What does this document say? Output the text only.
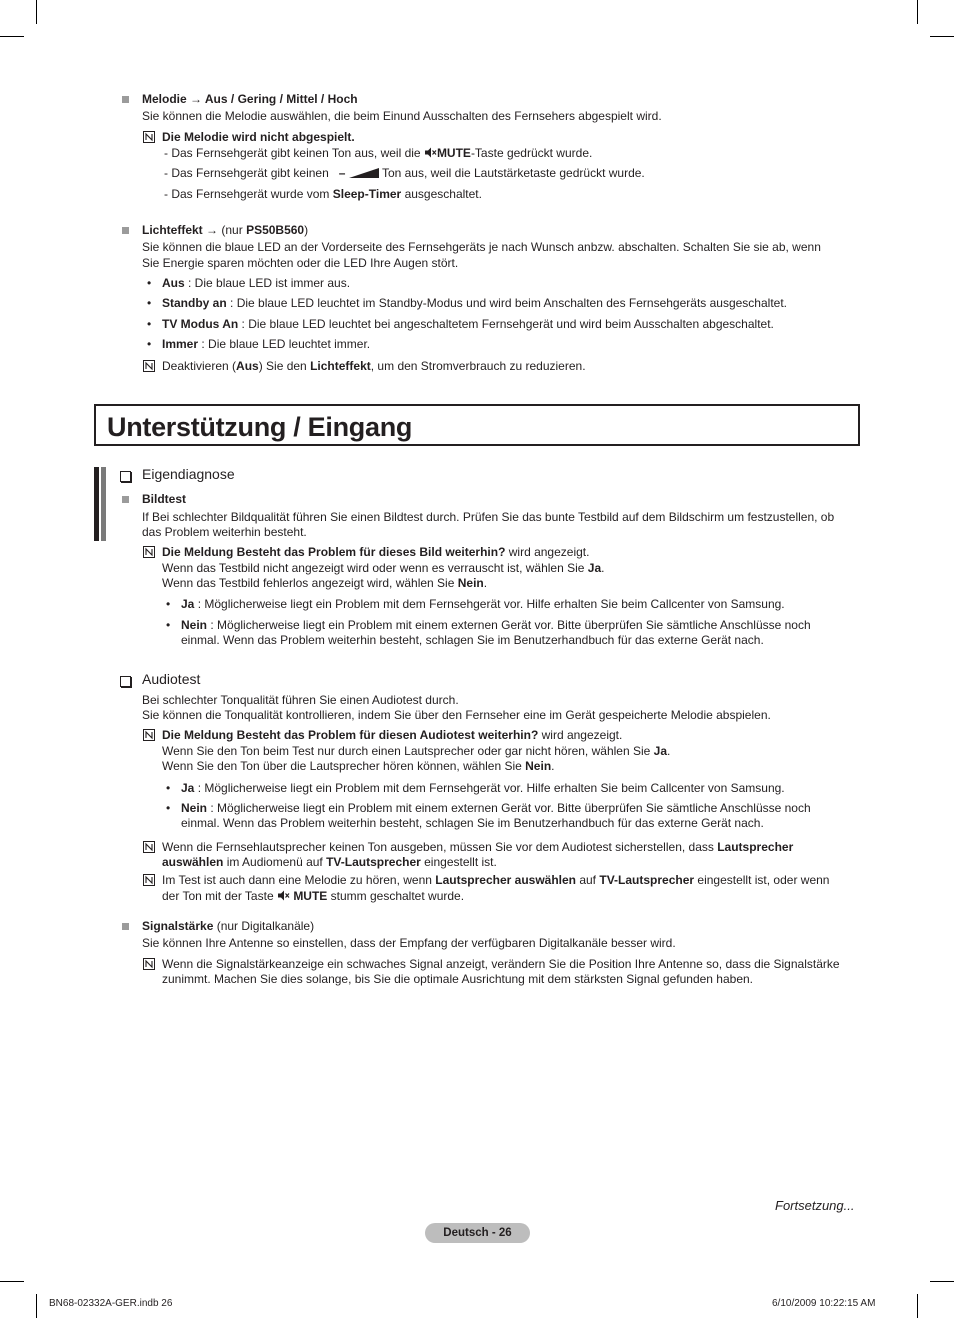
Melodie → Aus / Gering / Mittel / Hoch
Sie können die Melodie auswählen, die beim Einund Ausschalten des Fernsehers abgespielt wird.
Die Melodie wird nicht abgespielt.
- Das Fernsehgerät gibt keinen Ton aus, weil die MUTE-Taste gedrückt wurde.
- Das Fernsehgerät gibt keinen –	Ton aus, weil die Lautstärketaste gedrückt wurde.
- Das Fernsehgerät wurde vom Sleep-Timer ausgeschaltet.
Lichteffekt → (nur PS50B560)
Sie können die blaue LED an der Vorderseite des Fernsehgeräts je nach Wunsch anbzw. abschalten. Schalten Sie sie ab, wenn
Sie Energie sparen möchten oder die LED Ihre Augen stört.
• Aus : Die blaue LED ist immer aus.
• Standby an : Die blaue LED leuchtet im Standby-Modus und wird beim Anschalten des Fernsehgeräts ausgeschaltet.
• TV Modus An : Die blaue LED leuchtet bei angeschaltetem Fernsehgerät und wird beim Ausschalten abgeschaltet.
• Immer : Die blaue LED leuchtet immer.
Deaktivieren (Aus) Sie den Lichteffekt, um den Stromverbrauch zu reduzieren.
Unterstützung / Eingang
Eigendiagnose
Bildtest
If Bei schlechter Bildqualität führen Sie einen Bildtest durch. Prüfen Sie das bunte Testbild auf dem Bildschirm um festzustellen, ob
das Problem weiterhin besteht.
Die Meldung Besteht das Problem für dieses Bild weiterhin? wird angezeigt.
Wenn das Testbild nicht angezeigt wird oder wenn es verrauscht ist, wählen Sie Ja.
Wenn das Testbild fehlerlos angezeigt wird, wählen Sie Nein.
• Ja : Möglicherweise liegt ein Problem mit dem Fernsehgerät vor. Hilfe erhalten Sie beim Callcenter von Samsung.
• Nein : Möglicherweise liegt ein Problem mit einem externen Gerät vor. Bitte überprüfen Sie sämtliche Anschlüsse noch
einmal. Wenn das Problem weiterhin besteht, schlagen Sie im Benutzerhandbuch für das externe Gerät nach.
Audiotest
Bei schlechter Tonqualität führen Sie einen Audiotest durch.
Sie können die Tonqualität kontrollieren, indem Sie über den Fernseher eine im Gerät gespeicherte Melodie abspielen.
Die Meldung Besteht das Problem für diesen Audiotest weiterhin? wird angezeigt.
Wenn Sie den Ton beim Test nur durch einen Lautsprecher oder gar nicht hören, wählen Sie Ja.
Wenn Sie den Ton über die Lautsprecher hören können, wählen Sie Nein.
• Ja : Möglicherweise liegt ein Problem mit dem Fernsehgerät vor. Hilfe erhalten Sie beim Callcenter von Samsung.
• Nein : Möglicherweise liegt ein Problem mit einem externen Gerät vor. Bitte überprüfen Sie sämtliche Anschlüsse noch
einmal. Wenn das Problem weiterhin besteht, schlagen Sie im Benutzerhandbuch für das externe Gerät nach.
Wenn die Fernsehlautsprecher keinen Ton ausgeben, müssen Sie vor dem Audiotest sicherstellen, dass Lautsprecher
auswählen im Audiomenü auf TV-Lautsprecher eingestellt ist.
Im Test ist auch dann eine Melodie zu hören, wenn Lautsprecher auswählen auf TV-Lautsprecher eingestellt ist, oder wenn
der Ton mit der Taste MUTE stumm geschaltet wurde.
Signalstärke (nur Digitalkanäle)
Sie können Ihre Antenne so einstellen, dass der Empfang der verfügbaren Digitalkanäle besser wird.
Wenn die Signalstärkeanzeige ein schwaches Signal anzeigt, verändern Sie die Position Ihre Antenne so, dass die Signalstärke
zunimmt. Machen Sie dies solange, bis Sie die optimale Ausrichtung mit dem stärksten Signal gefunden haben.
Fortsetzung...
Deutsch - 26
BN68-02332A-GER.indb 26	6/10/2009 10:22:15 AM
